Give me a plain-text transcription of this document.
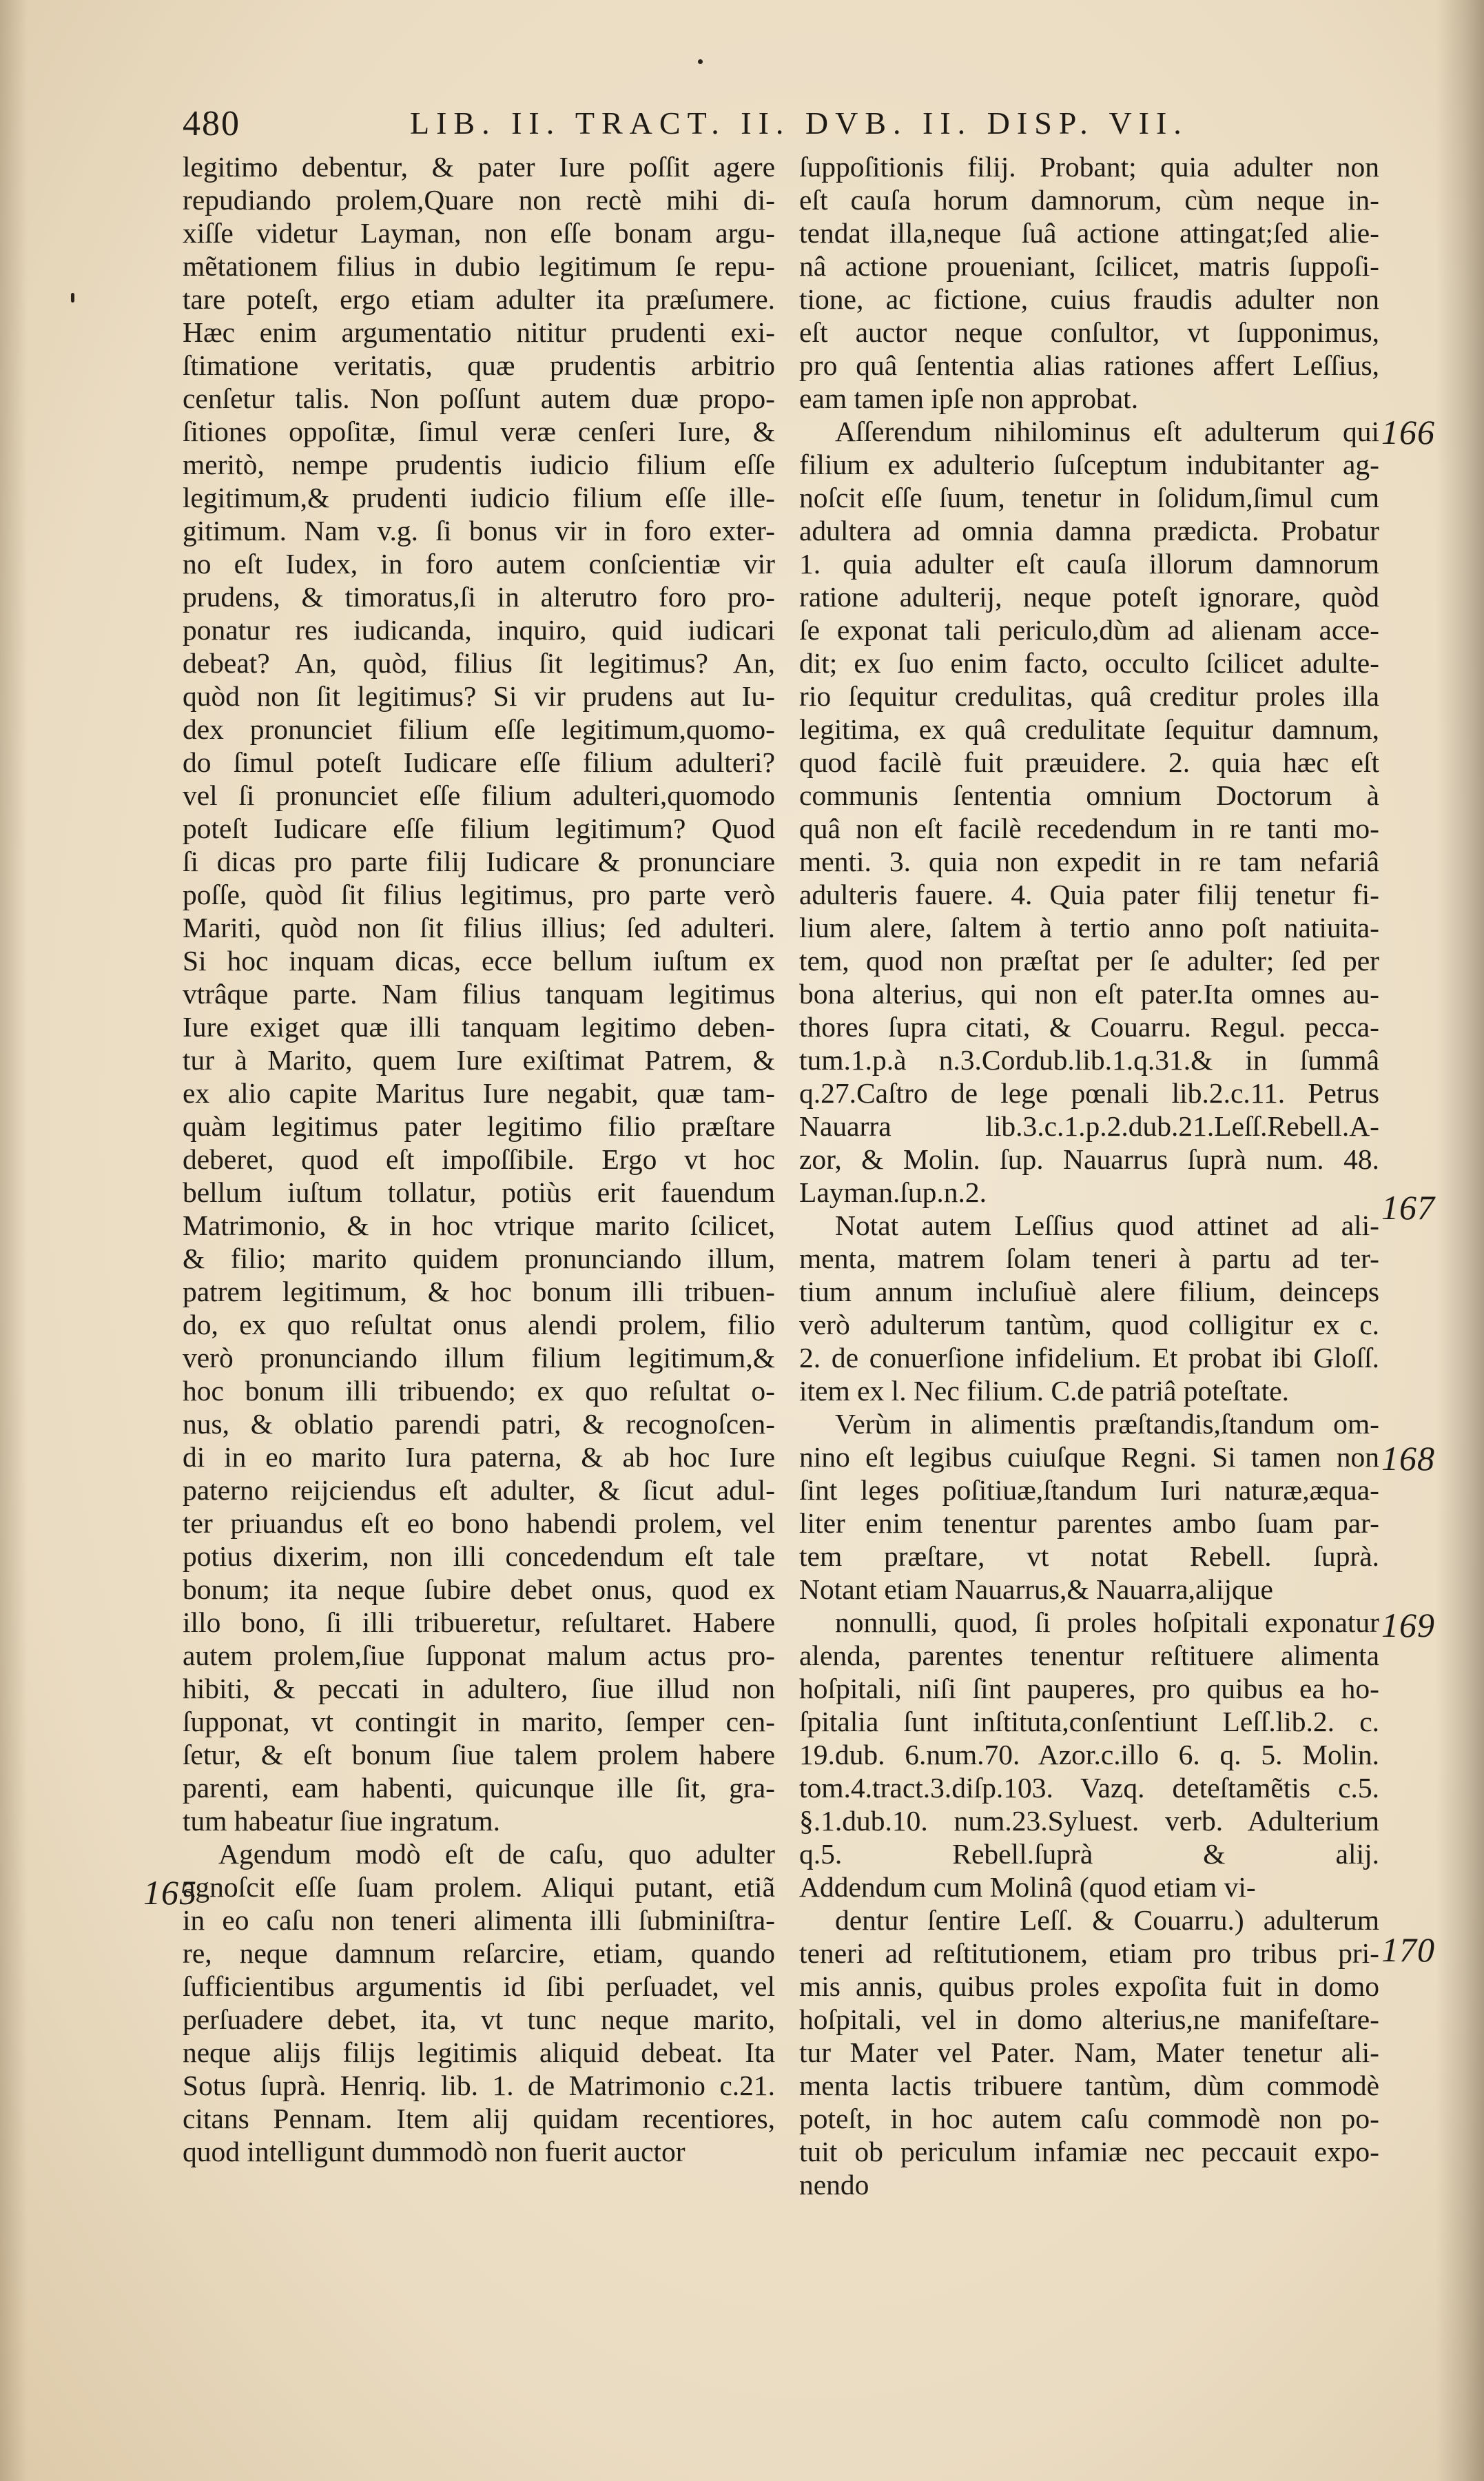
480	LIB. II. TRACT. II. DVB. II. DISP. VII.
legitimo debentur, & pater Iure poſſit agere
repudiando prolem,Quare non rectè mihi di-
xiſſe videtur Layman, non eſſe bonam argu-
mẽtationem filius in dubio legitimum ſe repu-
tare poteſt, ergo etiam adulter ita præſumere.
Hæc enim argumentatio nititur prudenti exi-
ſtimatione veritatis, quæ prudentis arbitrio
cenſetur talis. Non poſſunt autem duæ propo-
ſitiones oppoſitæ, ſimul veræ cenſeri Iure, &
meritò, nempe prudentis iudicio filium eſſe
legitimum,& prudenti iudicio filium eſſe ille-
gitimum. Nam v.g. ſi bonus vir in foro exter-
no eſt Iudex, in foro autem conſcientiæ vir
prudens, & timoratus,ſi in alterutro foro pro-
ponatur res iudicanda, inquiro, quid iudicari
debeat? An, quòd, filius ſit legitimus? An,
quòd non ſit legitimus? Si vir prudens aut Iu-
dex pronunciet filium eſſe legitimum,quomo-
do ſimul poteſt Iudicare eſſe filium adulteri?
vel ſi pronunciet eſſe filium adulteri,quomodo
poteſt Iudicare eſſe filium legitimum? Quod
ſi dicas pro parte filij Iudicare & pronunciare
poſſe, quòd ſit filius legitimus, pro parte verò
Mariti, quòd non ſit filius illius; ſed adulteri.
Si hoc inquam dicas, ecce bellum iuſtum ex
vtrâque parte. Nam filius tanquam legitimus
Iure exiget quæ illi tanquam legitimo deben-
tur à Marito, quem Iure exiſtimat Patrem, &
ex alio capite Maritus Iure negabit, quæ tam-
quàm legitimus pater legitimo filio præſtare
deberet, quod eſt impoſſibile. Ergo vt hoc
bellum iuſtum tollatur, potiùs erit fauendum
Matrimonio, & in hoc vtrique marito ſcilicet,
& filio; marito quidem pronunciando illum,
patrem legitimum, & hoc bonum illi tribuen-
do, ex quo reſultat onus alendi prolem, filio
verò pronunciando illum filium legitimum,&
hoc bonum illi tribuendo; ex quo reſultat o-
nus, & oblatio parendi patri, & recognoſcen-
di in eo marito Iura paterna, & ab hoc Iure
paterno reijciendus eſt adulter, & ſicut adul-
ter priuandus eſt eo bono habendi prolem, vel
potius dixerim, non illi concedendum eſt tale
bonum; ita neque ſubire debet onus, quod ex
illo bono, ſi illi tribueretur, reſultaret. Habere
autem prolem,ſiue ſupponat malum actus pro-
hibiti, & peccati in adultero, ſiue illud non
ſupponat, vt contingit in marito, ſemper cen-
ſetur, & eſt bonum ſiue talem prolem habere
parenti, eam habenti, quicunque ille ſit, gra-
tum habeatur ſiue ingratum.
Agendum modò eſt de caſu, quo adulter
agnoſcit eſſe ſuam prolem. Aliqui putant, etiã
in eo caſu non teneri alimenta illi ſubminiſtra-
re, neque damnum reſarcire, etiam, quando
ſufficientibus argumentis id ſibi perſuadet, vel
perſuadere debet, ita, vt tunc neque marito,
neque alijs filijs legitimis aliquid debeat. Ita
Sotus ſuprà. Henriq. lib. 1. de Matrimonio c.21.
citans Pennam. Item alij quidam recentiores,
quod intelligunt dummodò non fuerit auctor
ſuppoſitionis filij. Probant; quia adulter non
eſt cauſa horum damnorum, cùm neque in-
tendat illa,neque ſuâ actione attingat;ſed alie-
nâ actione proueniant, ſcilicet, matris ſuppoſi-
tione, ac fictione, cuius fraudis adulter non
eſt auctor neque conſultor, vt ſupponimus,
pro quâ ſententia alias rationes affert Leſſius,
eam tamen ipſe non approbat.
Aſſerendum nihilominus eſt adulterum qui
filium ex adulterio ſuſceptum indubitanter ag-
noſcit eſſe ſuum, tenetur in ſolidum,ſimul cum
adultera ad omnia damna prædicta. Probatur
1. quia adulter eſt cauſa illorum damnorum
ratione adulterij, neque poteſt ignorare, quòd
ſe exponat tali periculo,dùm ad alienam acce-
dit; ex ſuo enim facto, occulto ſcilicet adulte-
rio ſequitur credulitas, quâ creditur proles illa
legitima, ex quâ credulitate ſequitur damnum,
quod facilè fuit præuidere. 2. quia hæc eſt
communis ſententia omnium Doctorum à
quâ non eſt facilè recedendum in re tanti mo-
menti. 3. quia non expedit in re tam nefariâ
adulteris fauere. 4. Quia pater filij tenetur fi-
lium alere, ſaltem à tertio anno poſt natiuita-
tem, quod non præſtat per ſe adulter; ſed per
bona alterius, qui non eſt pater.Ita omnes au-
thores ſupra citati, & Couarru. Regul. pecca-
tum.1.p.à n.3.Cordub.lib.1.q.31.& in ſummâ
q.27.Caſtro de lege pœnali lib.2.c.11. Petrus
Nauarra lib.3.c.1.p.2.dub.21.Leſſ.Rebell.A-
zor, & Molin. ſup. Nauarrus ſuprà num. 48.
Layman.ſup.n.2.
Notat autem Leſſius quod attinet ad ali-
menta, matrem ſolam teneri à partu ad ter-
tium annum incluſiuè alere filium, deinceps
verò adulterum tantùm, quod colligitur ex c.
2. de conuerſione infidelium. Et probat ibi Gloſſ.
item ex l. Nec filium. C.de patriâ poteſtate.
Verùm in alimentis præſtandis,ſtandum om-
nino eſt legibus cuiuſque Regni. Si tamen non
ſint leges poſitiuæ,ſtandum Iuri naturæ,æqua-
liter enim tenentur parentes ambo ſuam par-
tem præſtare, vt notat Rebell. ſuprà.
Notant etiam Nauarrus,& Nauarra,alijque
nonnulli, quod, ſi proles hoſpitali exponatur
alenda, parentes tenentur reſtituere alimenta
hoſpitali, niſi ſint pauperes, pro quibus ea ho-
ſpitalia ſunt inſtituta,conſentiunt Leſſ.lib.2. c.
19.dub. 6.num.70. Azor.c.illo 6. q. 5. Molin.
tom.4.tract.3.diſp.103. Vazq. deteſtamẽtis c.5.
§.1.dub.10. num.23.Syluest. verb. Adulterium
q.5. Rebell.ſuprà & alij.
Addendum cum Molinâ (quod etiam vi-
dentur ſentire Leſſ. & Couarru.) adulterum
teneri ad reſtitutionem, etiam pro tribus pri-
mis annis, quibus proles expoſita fuit in domo
hoſpitali, vel in domo alterius,ne manifeſtare-
tur Mater vel Pater. Nam, Mater tenetur ali-
menta lactis tribuere tantùm, dùm commodè
poteſt, in hoc autem caſu commodè non po-
tuit ob periculum infamiæ nec peccauit expo-
nendo
165
166
167
168
169
170
